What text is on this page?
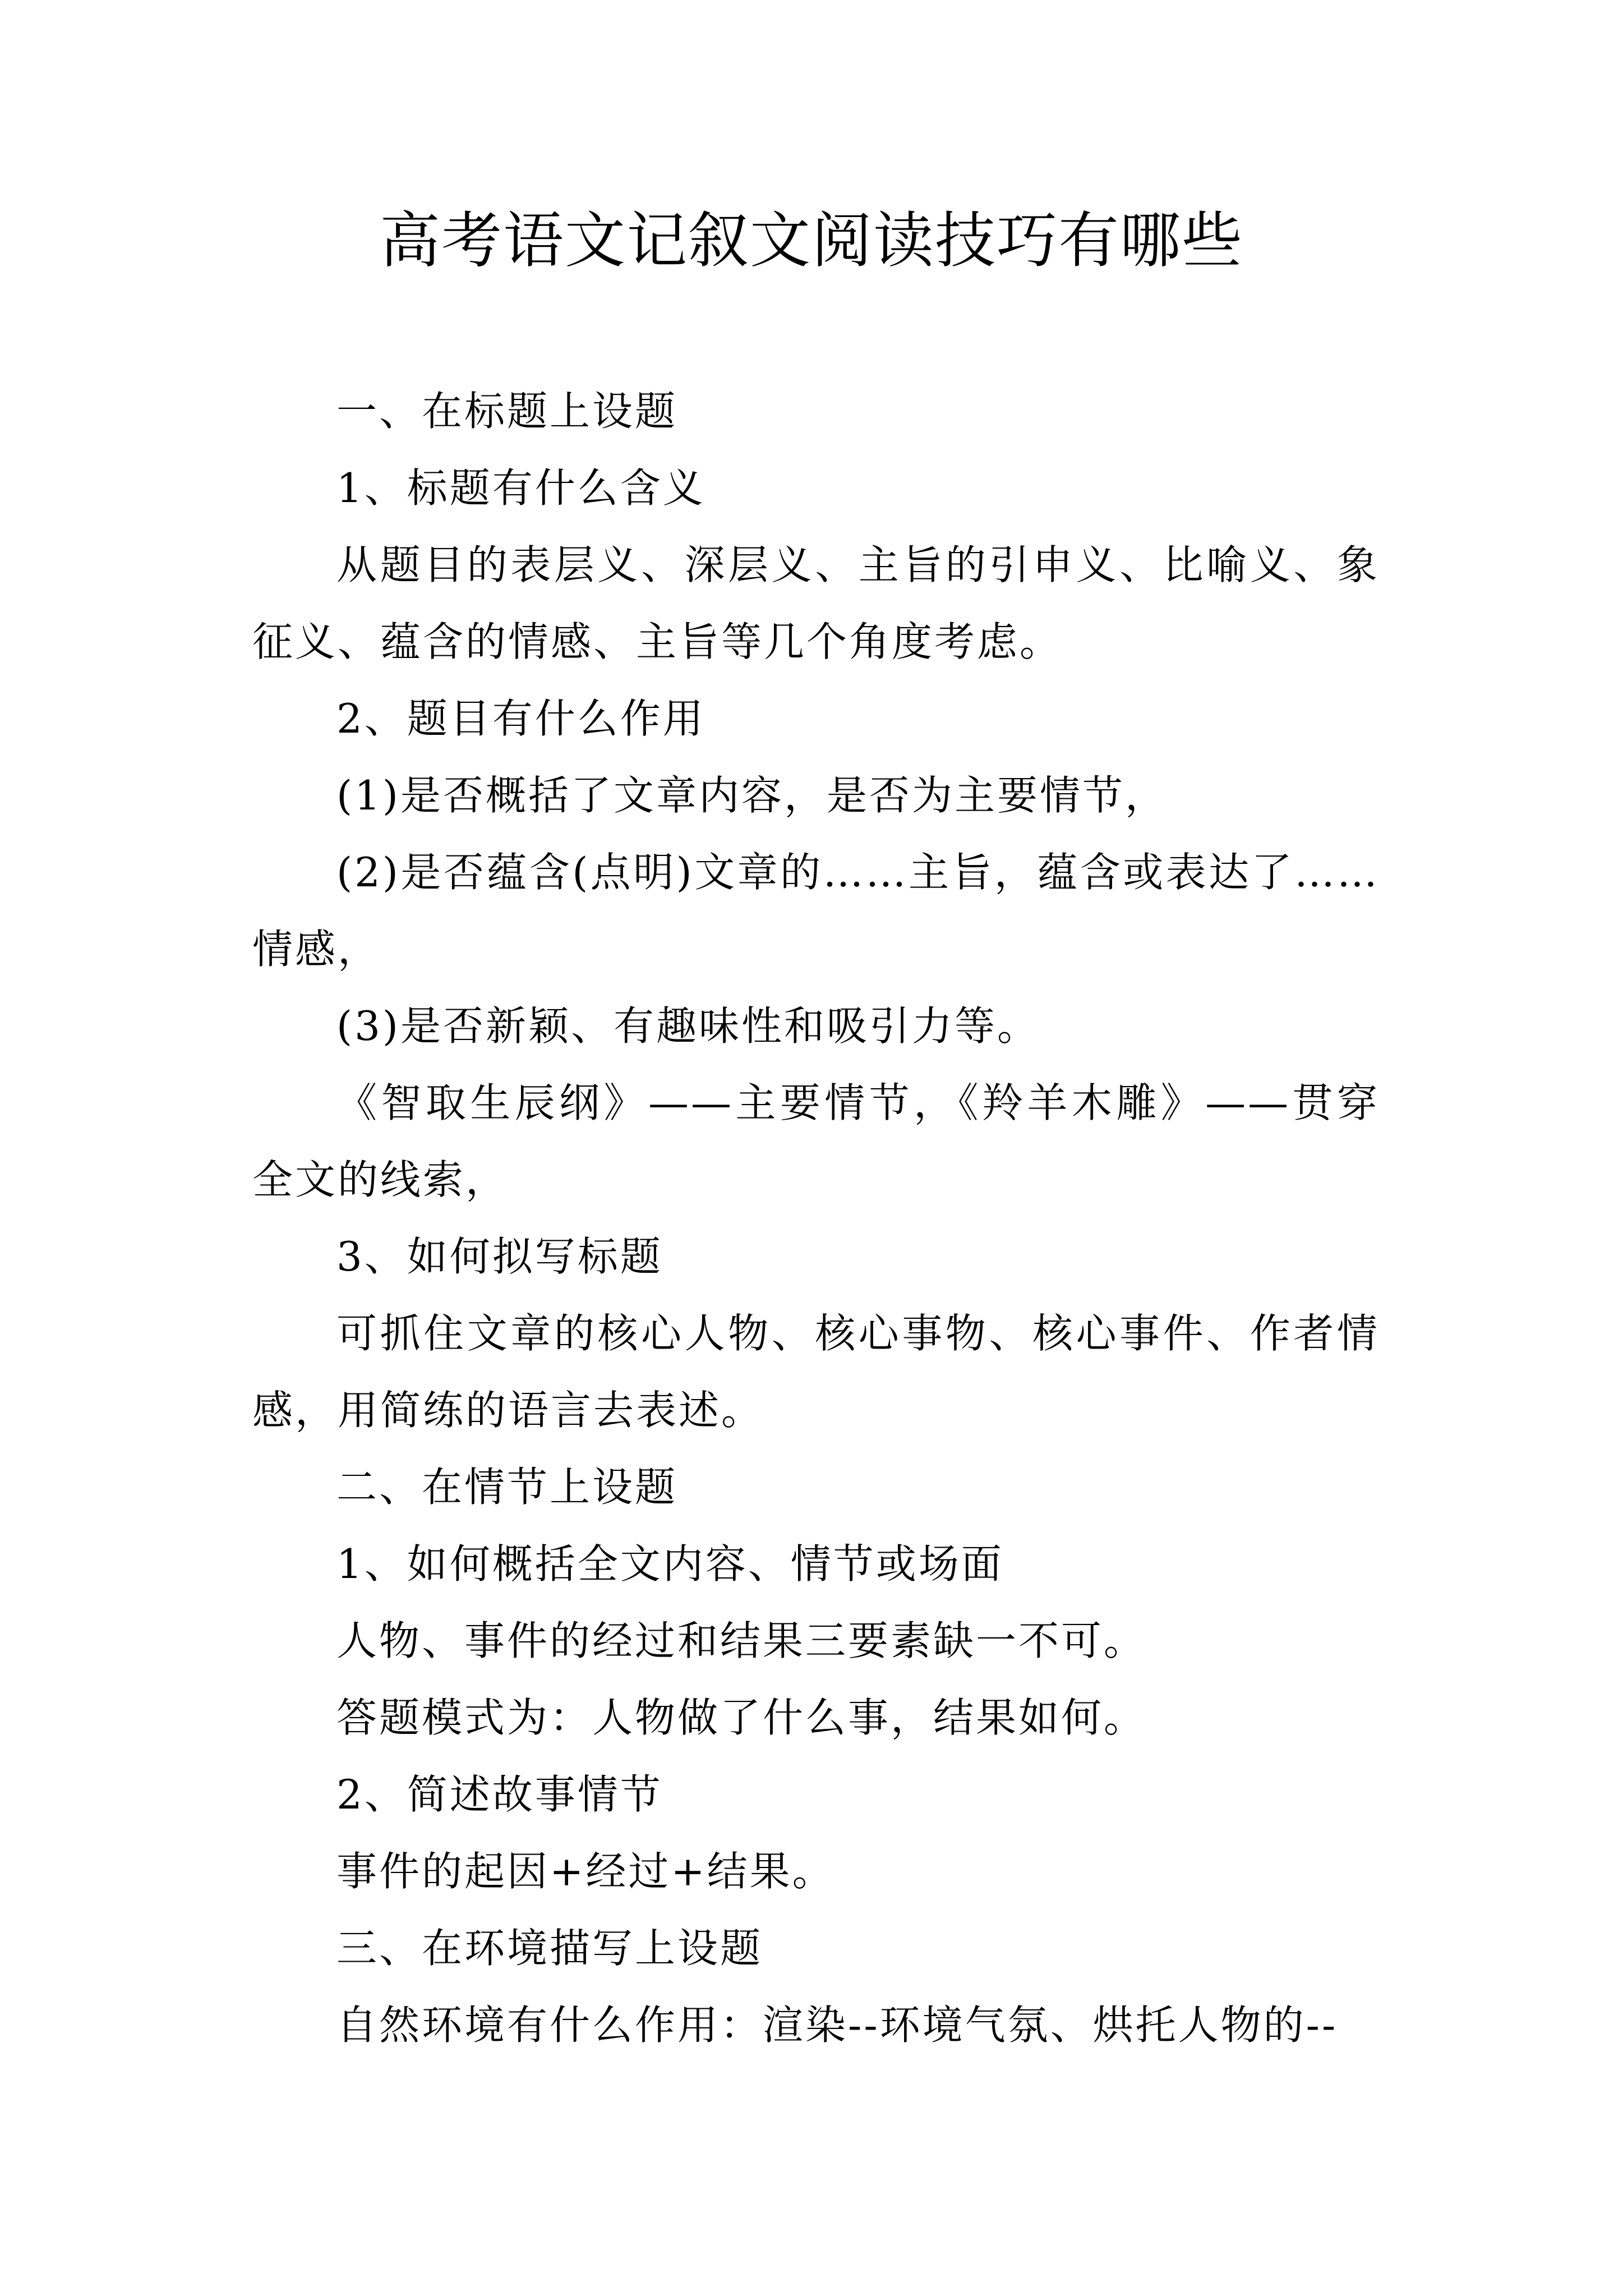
高考语文记叙文阅读技巧有哪些

一、在标题上设题

1、标题有什么含义

从题目的表层义、深层义、主旨的引申义、比喻义、象征义、蕴含的情感、主旨等几个角度考虑。

2、题目有什么作用

(1)是否概括了文章内容，是否为主要情节，

(2)是否蕴含(点明)文章的……主旨，蕴含或表达了……情感，

(3)是否新颖、有趣味性和吸引力等。

《智取生辰纲》——主要情节，《羚羊木雕》——贯穿全文的线索，

3、如何拟写标题

可抓住文章的核心人物、核心事物、核心事件、作者情感，用简练的语言去表述。

二、在情节上设题

1、如何概括全文内容、情节或场面

人物、事件的经过和结果三要素缺一不可。

答题模式为：人物做了什么事，结果如何。

2、简述故事情节

事件的起因+经过+结果。

三、在环境描写上设题

自然环境有什么作用：渲染--环境气氛、烘托人物的--
